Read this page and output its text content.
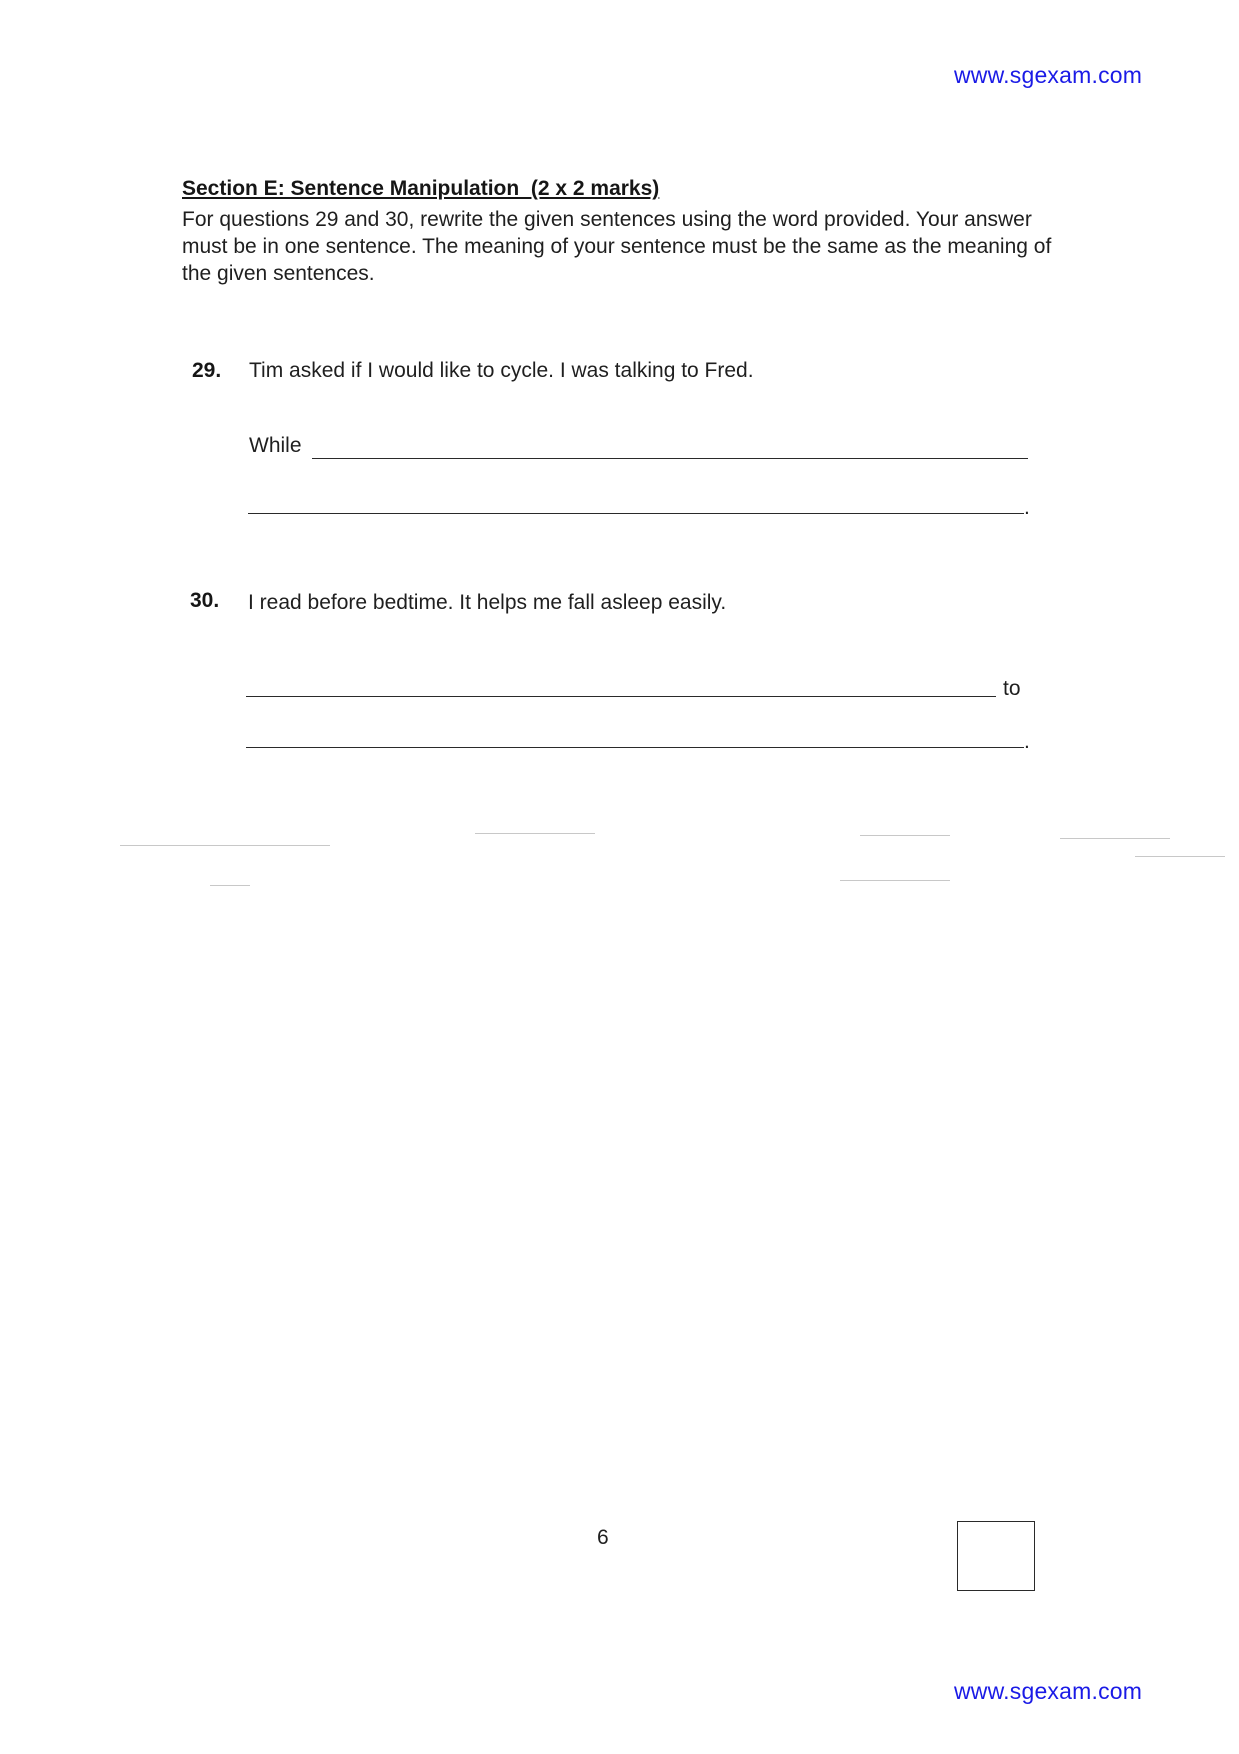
www.sgexam.com
Section E: Sentence Manipulation  (2 x 2 marks)
For questions 29 and 30, rewrite the given sentences using the word provided. Your answer must be in one sentence. The meaning of your sentence must be the same as the meaning of the given sentences.
29. Tim asked if I would like to cycle. I was talking to Fred.
While
.
30. I read before bedtime. It helps me fall asleep easily.
to
.
6
www.sgexam.com
